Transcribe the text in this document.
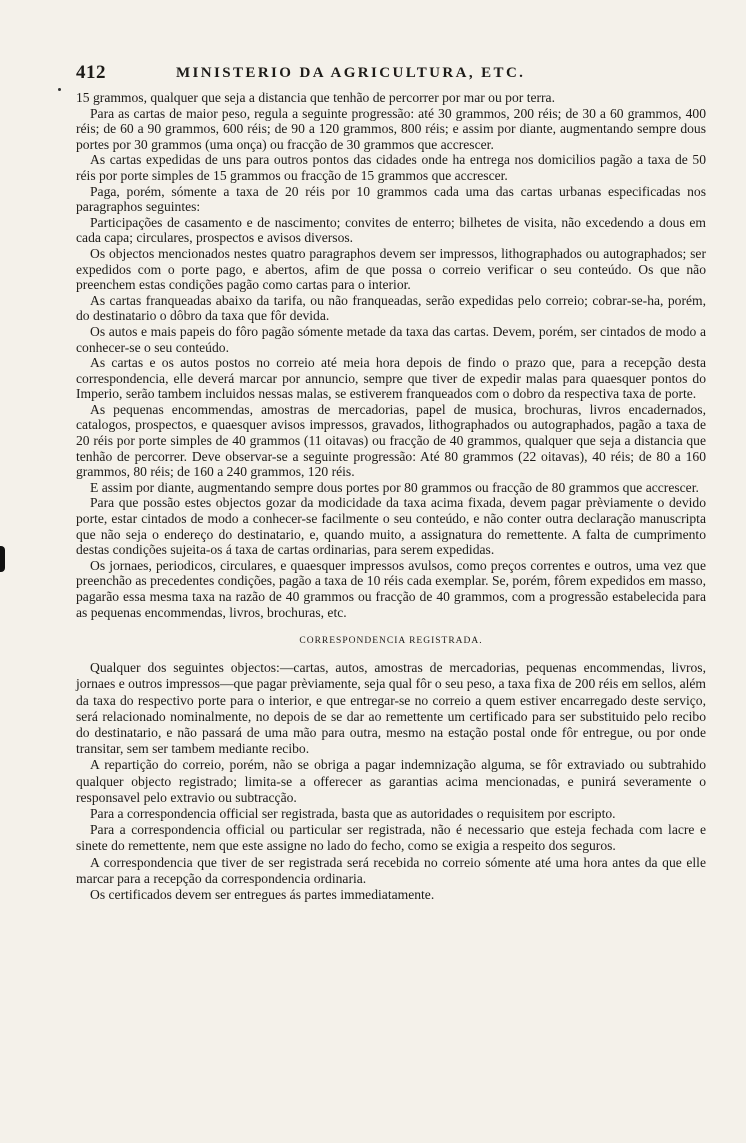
412	MINISTERIO DA AGRICULTURA, ETC.

15 grammos, qualquer que seja a distancia que tenhão de percorrer por mar ou por terra.

Para as cartas de maior peso, regula a seguinte progressão: até 30 grammos, 200 réis; de 30 a 60 grammos, 400 réis; de 60 a 90 grammos, 600 réis; de 90 a 120 grammos, 800 réis; e assim por diante, augmentando sempre dous portes por 30 grammos (uma onça) ou fracção de 30 grammos que accrescer.

As cartas expedidas de uns para outros pontos das cidades onde ha entrega nos domicilios pagão a taxa de 50 réis por porte simples de 15 grammos ou fracção de 15 grammos que accrescer.

Paga, porém, sómente a taxa de 20 réis por 10 grammos cada uma das cartas urbanas especificadas nos paragraphos seguintes:

Participações de casamento e de nascimento; convites de enterro; bilhetes de visita, não excedendo a dous em cada capa; circulares, prospectos e avisos diversos.

Os objectos mencionados nestes quatro paragraphos devem ser impressos, lithographados ou autographados; ser expedidos com o porte pago, e abertos, afim de que possa o correio verificar o seu conteúdo. Os que não preenchem estas condições pagão como cartas para o interior.

As cartas franqueadas abaixo da tarifa, ou não franqueadas, serão expedidas pelo correio; cobrar-se-ha, porém, do destinatario o dôbro da taxa que fôr devida.

Os autos e mais papeis do fôro pagão sómente metade da taxa das cartas. Devem, porém, ser cintados de modo a conhecer-se o seu conteúdo.

As cartas e os autos postos no correio até meia hora depois de findo o prazo que, para a recepção desta correspondencia, elle deverá marcar por annuncio, sempre que tiver de expedir malas para quaesquer pontos do Imperio, serão tambem incluidos nessas malas, se estiverem franqueados com o dobro da respectiva taxa de porte.

As pequenas encommendas, amostras de mercadorias, papel de musica, brochuras, livros encadernados, catalogos, prospectos, e quaesquer avisos impressos, gravados, lithographados ou autographados, pagão a taxa de 20 réis por porte simples de 40 grammos (11 oitavas) ou fracção de 40 grammos, qualquer que seja a distancia que tenhão de percorrer. Deve observar-se a seguinte progressão: Até 80 grammos (22 oitavas), 40 réis; de 80 a 160 grammos, 80 réis; de 160 a 240 grammos, 120 réis.

E assim por diante, augmentando sempre dous portes por 80 grammos ou fracção de 80 grammos que accrescer.

Para que possão estes objectos gozar da modicidade da taxa acima fixada, devem pagar prèviamente o devido porte, estar cintados de modo a conhecer-se facilmente o seu conteúdo, e não conter outra declaração manuscripta que não seja o endereço do destinatario, e, quando muito, a assignatura do remettente. A falta de cumprimento destas condições sujeita-os á taxa de cartas ordinarias, para serem expedidas.

Os jornaes, periodicos, circulares, e quaesquer impressos avulsos, como preços correntes e outros, uma vez que preenchão as precedentes condições, pagão a taxa de 10 réis cada exemplar. Se, porém, fôrem expedidos em masso, pagarão essa mesma taxa na razão de 40 grammos ou fracção de 40 grammos, com a progressão estabelecida para as pequenas encommendas, livros, brochuras, etc.

CORRESPONDENCIA REGISTRADA.

Qualquer dos seguintes objectos:—cartas, autos, amostras de mercadorias, pequenas encommendas, livros, jornaes e outros impressos—que pagar prèviamente, seja qual fôr o seu peso, a taxa fixa de 200 réis em sellos, além da taxa do respectivo porte para o interior, e que entregar-se no correio a quem estiver encarregado deste serviço, será relacionado nominalmente, no depois de se dar ao remettente um certificado para ser substituido pelo recibo do destinatario, e não passará de uma mão para outra, mesmo na estação postal onde fôr entregue, ou por onde transitar, sem ser tambem mediante recibo.

A repartição do correio, porém, não se obriga a pagar indemnização alguma, se fôr extraviado ou subtrahido qualquer objecto registrado; limita-se a offerecer as garantias acima mencionadas, e punirá severamente o responsavel pelo extravio ou subtracção.

Para a correspondencia official ser registrada, basta que as autoridades o requisitem por escripto.

Para a correspondencia official ou particular ser registrada, não é necessario que esteja fechada com lacre e sinete do remettente, nem que este assigne no lado do fecho, como se exigia a respeito dos seguros.

A correspondencia que tiver de ser registrada será recebida no correio sómente até uma hora antes da que elle marcar para a recepção da correspondencia ordinaria.

Os certificados devem ser entregues ás partes immediatamente.
